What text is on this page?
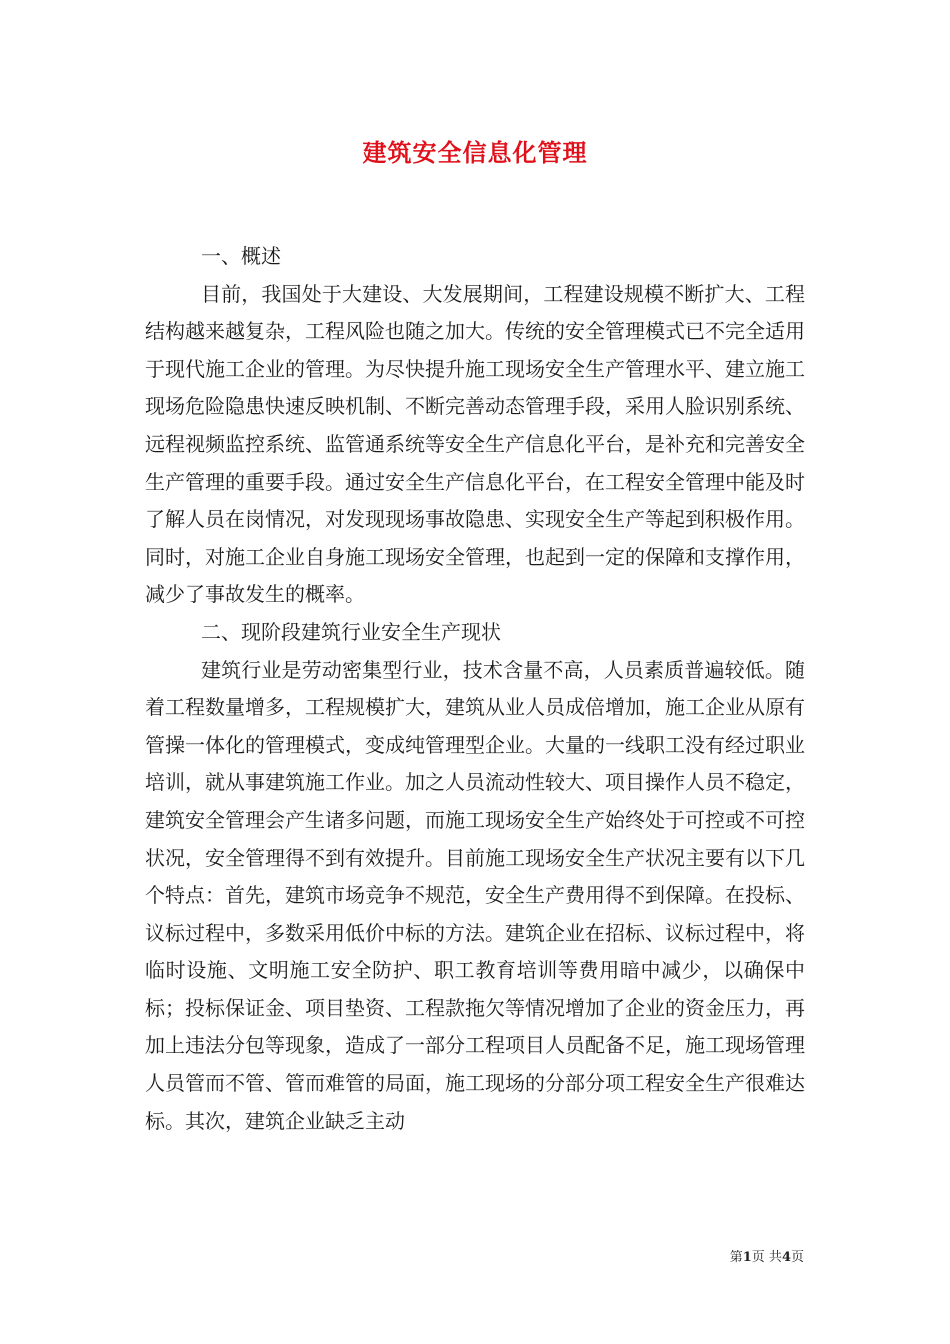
建筑安全信息化管理

一、概述

目前，我国处于大建设、大发展期间，工程建设规模不断扩大、工程结构越来越复杂，工程风险也随之加大。传统的安全管理模式已不完全适用于现代施工企业的管理。为尽快提升施工现场安全生产管理水平、建立施工现场危险隐患快速反映机制、不断完善动态管理手段，采用人脸识别系统、远程视频监控系统、监管通系统等安全生产信息化平台，是补充和完善安全生产管理的重要手段。通过安全生产信息化平台，在工程安全管理中能及时了解人员在岗情况，对发现现场事故隐患、实现安全生产等起到积极作用。同时，对施工企业自身施工现场安全管理，也起到一定的保障和支撑作用，减少了事故发生的概率。

二、现阶段建筑行业安全生产现状

建筑行业是劳动密集型行业，技术含量不高，人员素质普遍较低。随着工程数量增多，工程规模扩大，建筑从业人员成倍增加，施工企业从原有管操一体化的管理模式，变成纯管理型企业。大量的一线职工没有经过职业培训，就从事建筑施工作业。加之人员流动性较大、项目操作人员不稳定，建筑安全管理会产生诸多问题，而施工现场安全生产始终处于可控或不可控状况，安全管理得不到有效提升。目前施工现场安全生产状况主要有以下几个特点：首先，建筑市场竞争不规范，安全生产费用得不到保障。在投标、议标过程中，多数采用低价中标的方法。建筑企业在招标、议标过程中，将临时设施、文明施工安全防护、职工教育培训等费用暗中减少，以确保中标；投标保证金、项目垫资、工程款拖欠等情况增加了企业的资金压力，再加上违法分包等现象，造成了一部分工程项目人员配备不足，施工现场管理人员管而不管、管而难管的局面，施工现场的分部分项工程安全生产很难达标。其次，建筑企业缺乏主动

第1页 共4页
